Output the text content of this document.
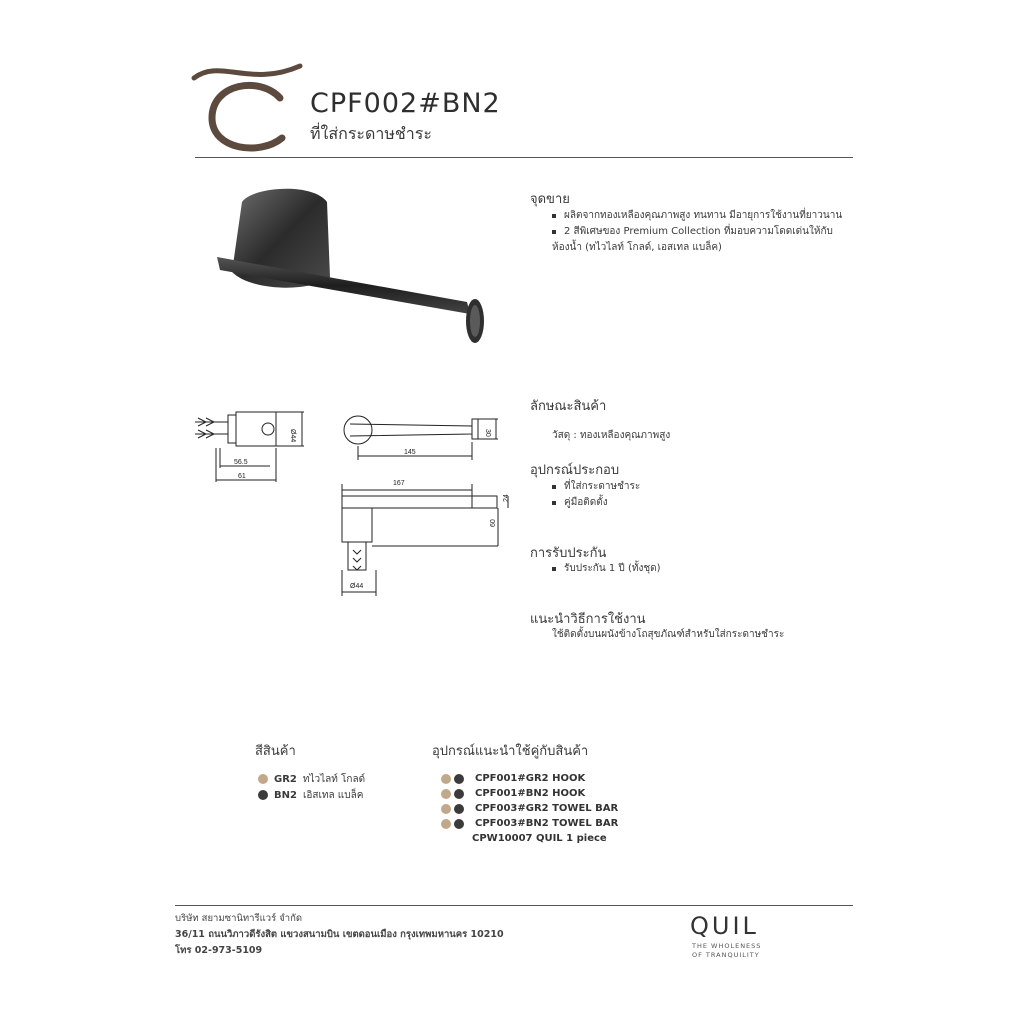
CPF002#BN2
ที่ใส่กระดาษชำระ
จุดขาย
ผลิตจากทองเหลืองคุณภาพสูง ทนทาน มีอายุการใช้งานที่ยาวนาน
2 สีพิเศษของ Premium Collection ที่มอบความโดดเด่นให้กับ
ห้องน้ำ (ทไวไลท์ โกลด์, เอสเทล แบล็ค)
Ø44
56.5
61
145
30
167
24
60
Ø44
ลักษณะสินค้า
วัสดุ : ทองเหลืองคุณภาพสูง
อุปกรณ์ประกอบ
ที่ใส่กระดาษชำระ
คู่มือติดตั้ง
การรับประกัน
รับประกัน 1 ปี (ทั้งชุด)
แนะนำวิธีการใช้งาน
ใช้ติดตั้งบนผนังข้างโถสุขภัณฑ์สำหรับใส่กระดาษชำระ
สีสินค้า
GR2 ทไวไลท์ โกลด์
BN2 เอิสเทล แบล็ค
อุปกรณ์แนะนำใช้คู่กับสินค้า
CPF001#GR2 HOOK
CPF001#BN2 HOOK
CPF003#GR2 TOWEL BAR
CPF003#BN2 TOWEL BAR
CPW10007 QUIL 1 piece
บริษัท สยามซานิทารีแวร์ จำกัด
36/11 ถนนวิภาวดีรังสิต แขวงสนามบิน เขตดอนเมือง กรุงเทพมหานคร 10210
โทร 02-973-5109
QUIL
THE WHOLENESS
OF TRANQUILITY
